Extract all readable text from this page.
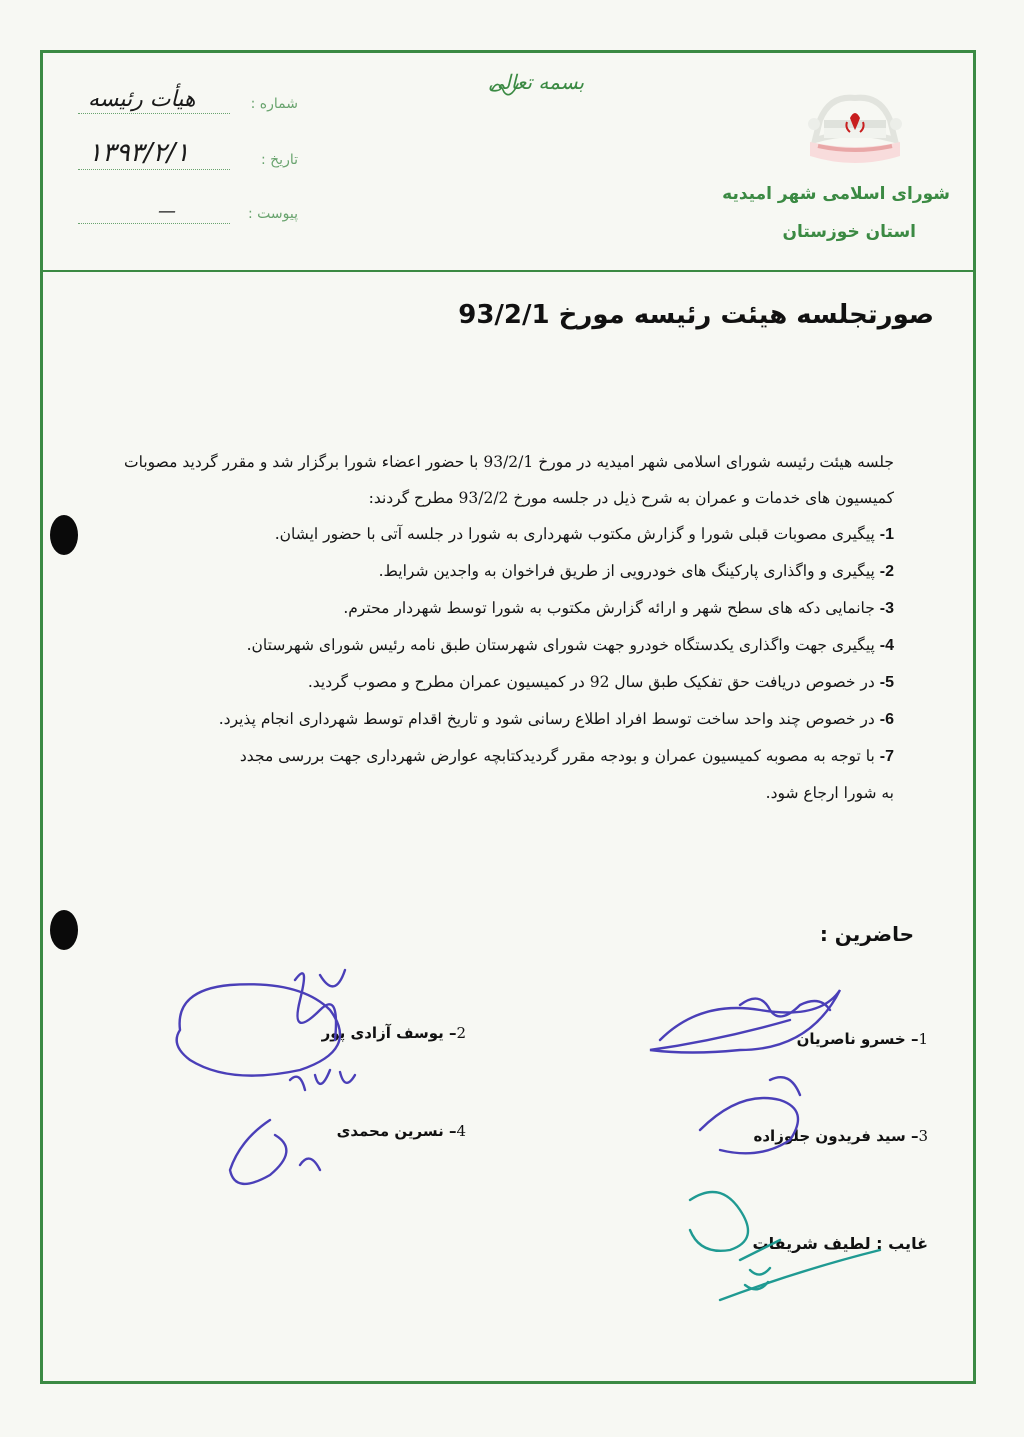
بسمه تعالی
شورای اسلامی شهر امیدیه
استان خوزستان
شماره :
هیأت رئیسه
تاریخ :
۱۳۹۳/۲/۱
پیوست :
—
صورتجلسه هیئت رئیسه مورخ 93/2/1

جلسه هیئت رئیسه شورای اسلامی شهر امیدیه در مورخ 93/2/1 با حضور اعضاء شورا برگزار شد و مقرر گردید مصوبات کمیسیون های خدمات و عمران به شرح ذیل در جلسه مورخ 93/2/2 مطرح گردند:

1- پیگیری مصوبات قبلی شورا و گزارش مکتوب شهرداری به شورا در جلسه آتی با حضور ایشان.
2- پیگیری و واگذاری پارکینگ های خودرویی از طریق فراخوان به واجدین شرایط.
3- جانمایی دکه های سطح شهر و ارائه گزارش مکتوب به شورا توسط شهردار محترم.
4- پیگیری جهت واگذاری یکدستگاه خودرو جهت شورای شهرستان طبق نامه رئیس شورای شهرستان.
5- در خصوص دریافت حق تفکیک طبق سال 92 در کمیسیون عمران مطرح و مصوب گردید.
6- در خصوص چند واحد ساخت توسط افراد اطلاع رسانی شود و تاریخ اقدام توسط شهرداری انجام پذیرد.
7- با توجه به مصوبه کمیسیون عمران و بودجه مقرر گردیدکتابچه عوارض شهرداری جهت بررسی مجدد
به شورا ارجاع شود.
حاضرین :
1– خسرو ناصریان
2– یوسف آزادی پور
3– سید فریدون جلوزاده
4– نسرین محمدی
غایب : لطیف شریفات
